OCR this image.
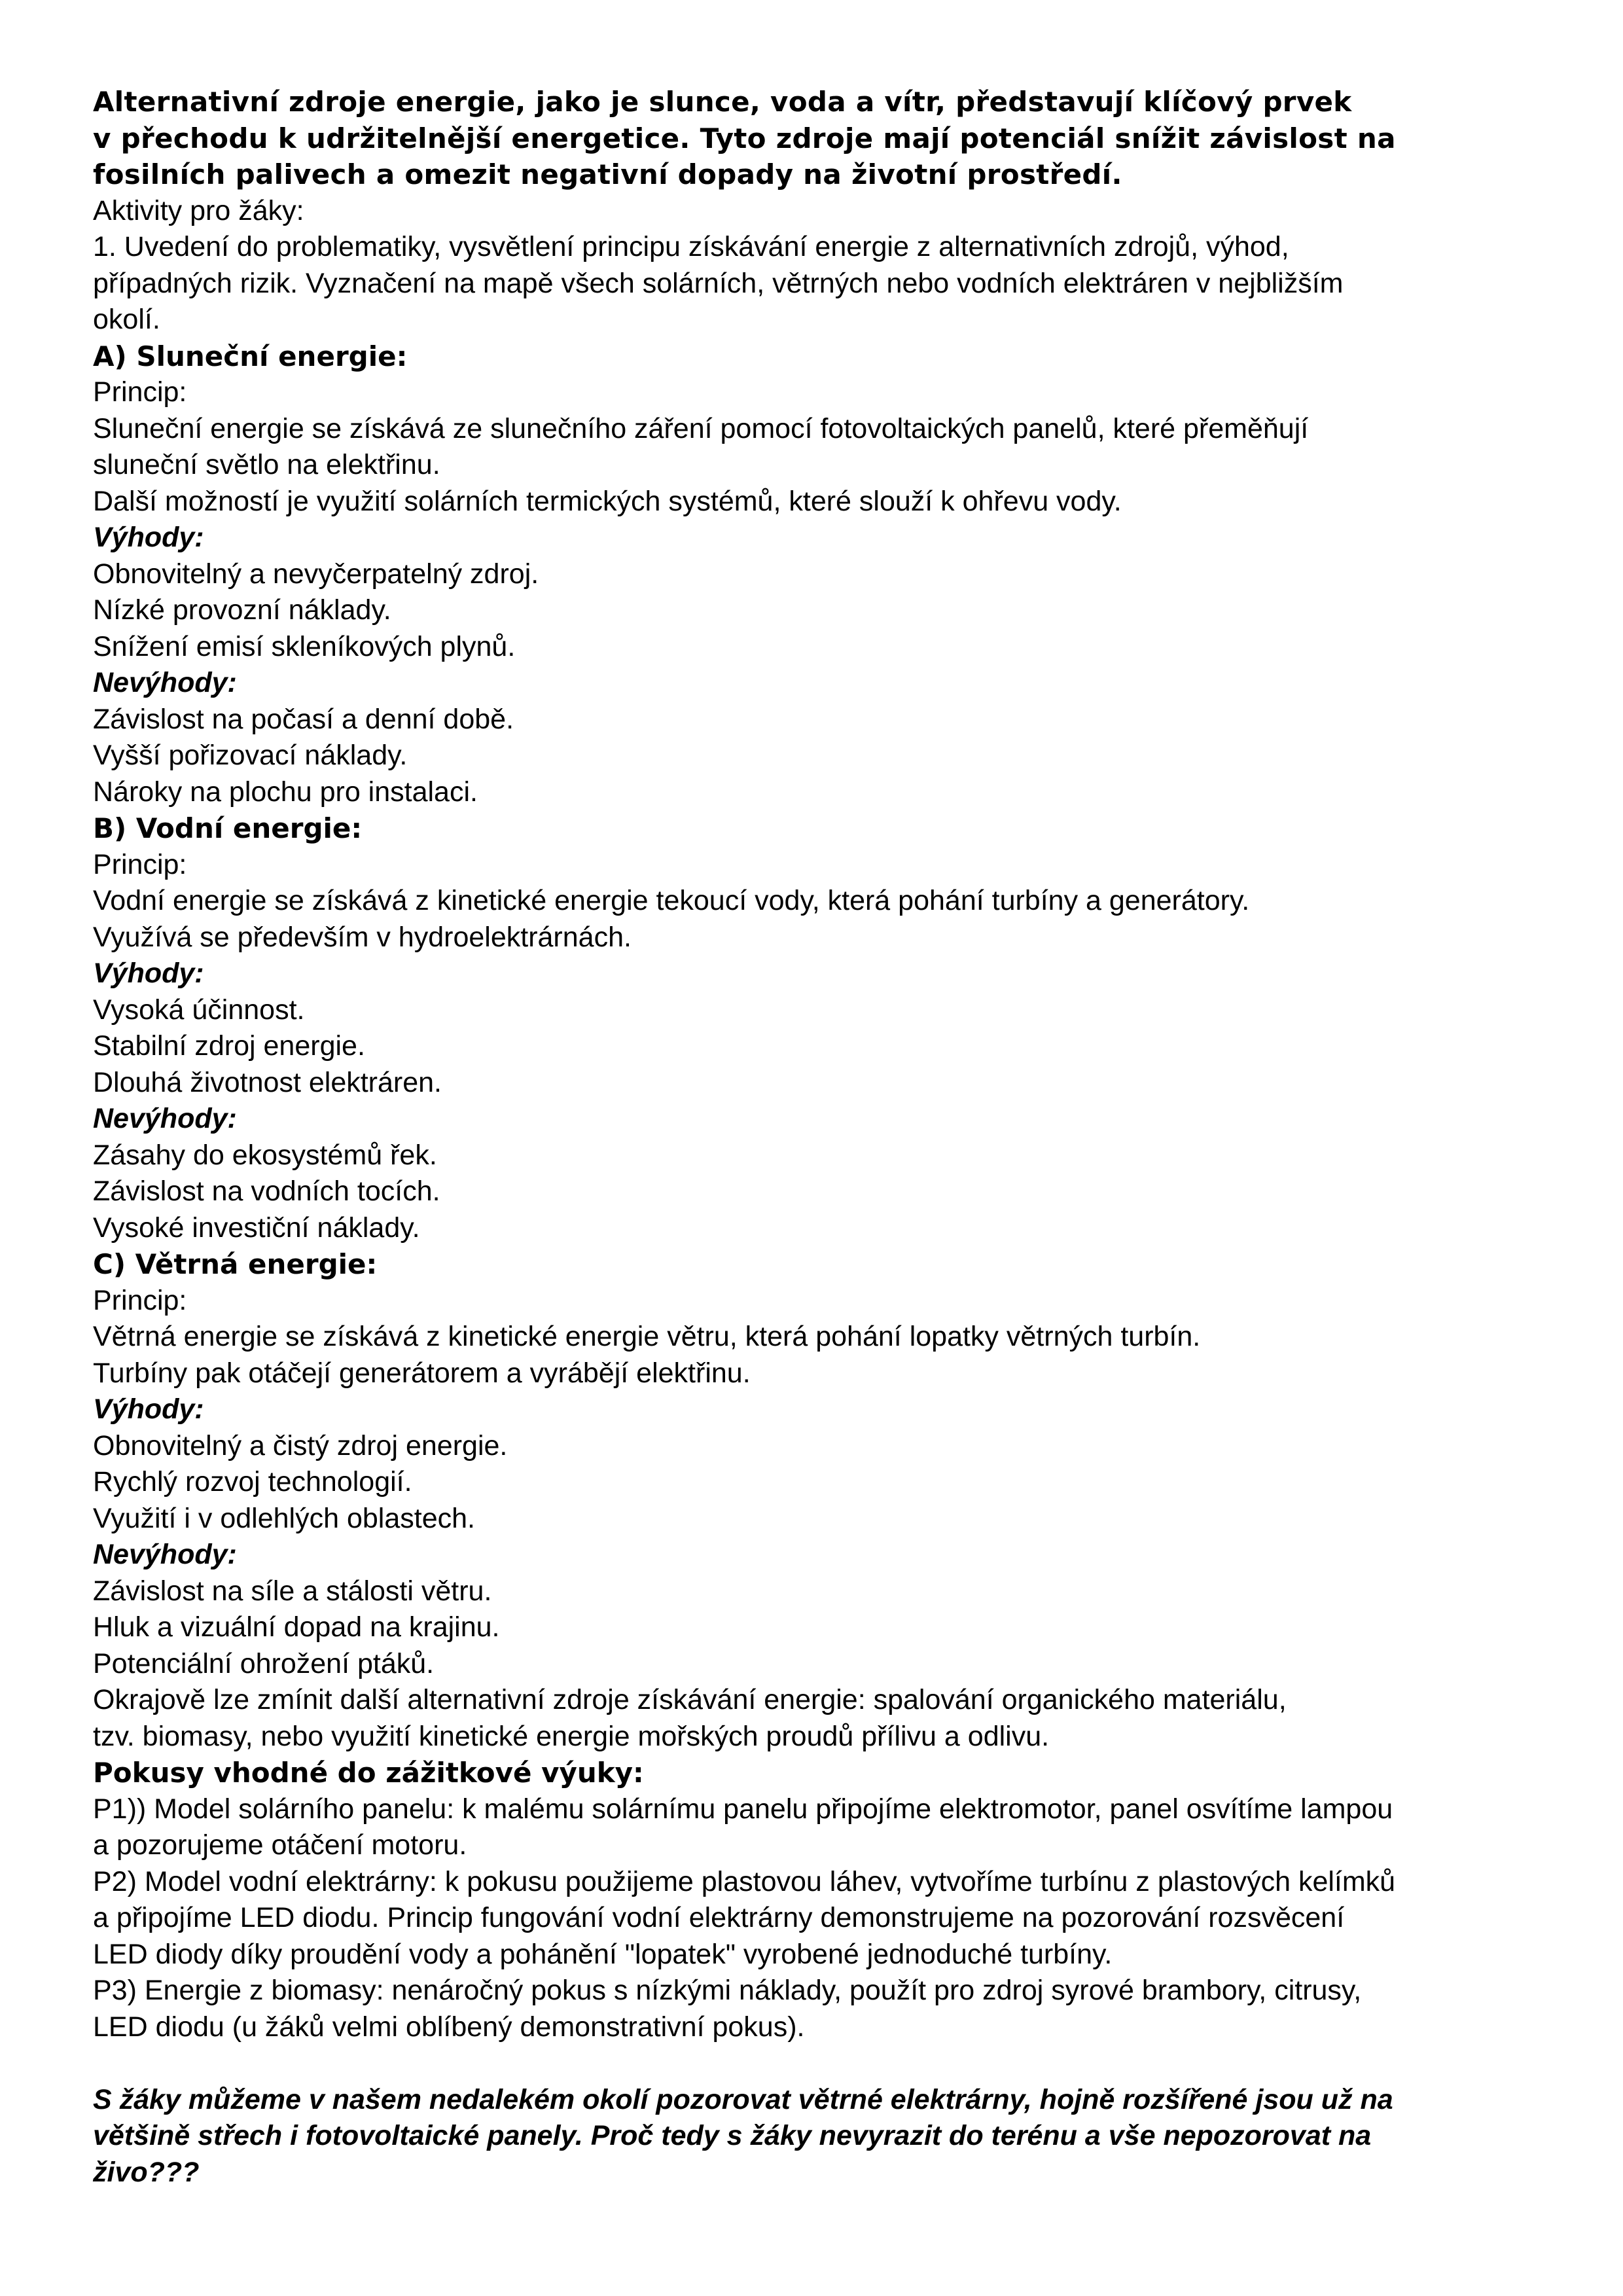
Alternativní zdroje energie, jako je slunce, voda a vítr, představují klíčový prvek

v přechodu k udržitelnější energetice. Tyto zdroje mají potenciál snížit závislost na

fosilních palivech a omezit negativní dopady na životní prostředí.

Aktivity pro žáky:

1. Uvedení do problematiky, vysvětlení principu získávání energie z alternativních zdrojů, výhod,

případných rizik. Vyznačení na mapě všech solárních, větrných nebo vodních elektráren v nejbližším

okolí.

A) Sluneční energie:

Princip:

Sluneční energie se získává ze slunečního záření pomocí fotovoltaických panelů, které přeměňují

sluneční světlo na elektřinu.

Další možností je využití solárních termických systémů, které slouží k ohřevu vody.

Výhody:

Obnovitelný a nevyčerpatelný zdroj.

Nízké provozní náklady.

Snížení emisí skleníkových plynů.

Nevýhody:

Závislost na počasí a denní době.

Vyšší pořizovací náklady.

Nároky na plochu pro instalaci.

B) Vodní energie:

Princip:

Vodní energie se získává z kinetické energie tekoucí vody, která pohání turbíny a generátory.

Využívá se především v hydroelektrárnách.

Výhody:

Vysoká účinnost.

Stabilní zdroj energie.

Dlouhá životnost elektráren.

Nevýhody:

Zásahy do ekosystémů řek.

Závislost na vodních tocích.

Vysoké investiční náklady.

C) Větrná energie:

Princip:

Větrná energie se získává z kinetické energie větru, která pohání lopatky větrných turbín.

Turbíny pak otáčejí generátorem a vyrábějí elektřinu.

Výhody:

Obnovitelný a čistý zdroj energie.

Rychlý rozvoj technologií.

Využití i v odlehlých oblastech.

Nevýhody:

Závislost na síle a stálosti větru.

Hluk a vizuální dopad na krajinu.

Potenciální ohrožení ptáků.

Okrajově lze zmínit další alternativní zdroje získávání energie: spalování organického materiálu,

tzv. biomasy, nebo využití kinetické energie mořských proudů přílivu a odlivu.

Pokusy vhodné do zážitkové výuky:

P1)) Model solárního panelu: k malému solárnímu panelu připojíme elektromotor, panel osvítíme lampou

a pozorujeme otáčení motoru.

P2) Model vodní elektrárny: k pokusu použijeme plastovou láhev, vytvoříme turbínu z plastových kelímků

a připojíme LED diodu. Princip fungování vodní elektrárny demonstrujeme na pozorování rozsvěcení

LED diody díky proudění vody a pohánění "lopatek" vyrobené jednoduché turbíny.

P3) Energie z biomasy: nenáročný pokus s nízkými náklady, použít pro zdroj syrové brambory, citrusy,

LED diodu (u žáků velmi oblíbený demonstrativní pokus).

S žáky můžeme v našem nedalekém okolí pozorovat větrné elektrárny, hojně rozšířené jsou už na

většině střech i fotovoltaické panely. Proč tedy s žáky nevyrazit do terénu a vše nepozorovat na

živo???
